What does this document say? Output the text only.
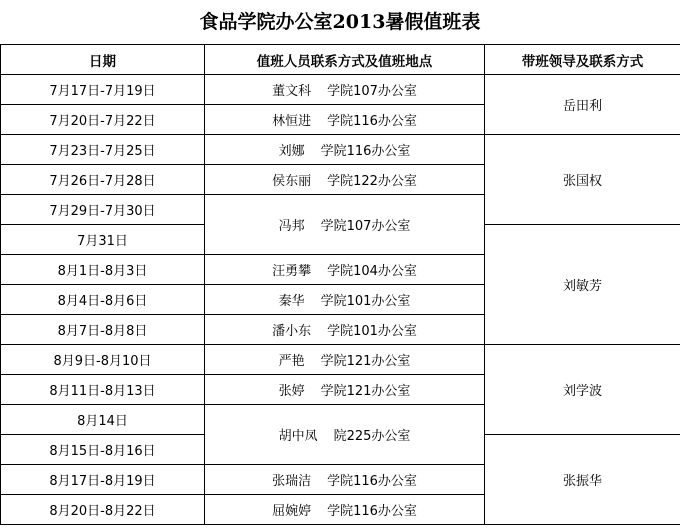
食品学院办公室2013暑假值班表
日期	值班人员联系方式及值班地点	带班领导及联系方式
7月17日-7月19日	董文科 学院107办公室	岳田利
7月20日-7月22日	林恒进 学院116办公室	
7月23日-7月25日	刘娜 学院116办公室	张国权
7月26日-7月28日	侯东丽 学院122办公室	
7月29日-7月30日	冯邦 学院107办公室	
7月31日		刘敏芳
8月1日-8月3日	汪勇攀 学院104办公室	
8月4日-8月6日	秦华 学院101办公室	
8月7日-8月8日	潘小东 学院101办公室	
8月9日-8月10日	严艳 学院121办公室	刘学波
8月11日-8月13日	张婷 学院121办公室	
8月14日	胡中凤 院225办公室	
8月15日-8月16日		张振华
8月17日-8月19日	张瑞洁 学院116办公室	
8月20日-8月22日	屈婉婷 学院116办公室	
